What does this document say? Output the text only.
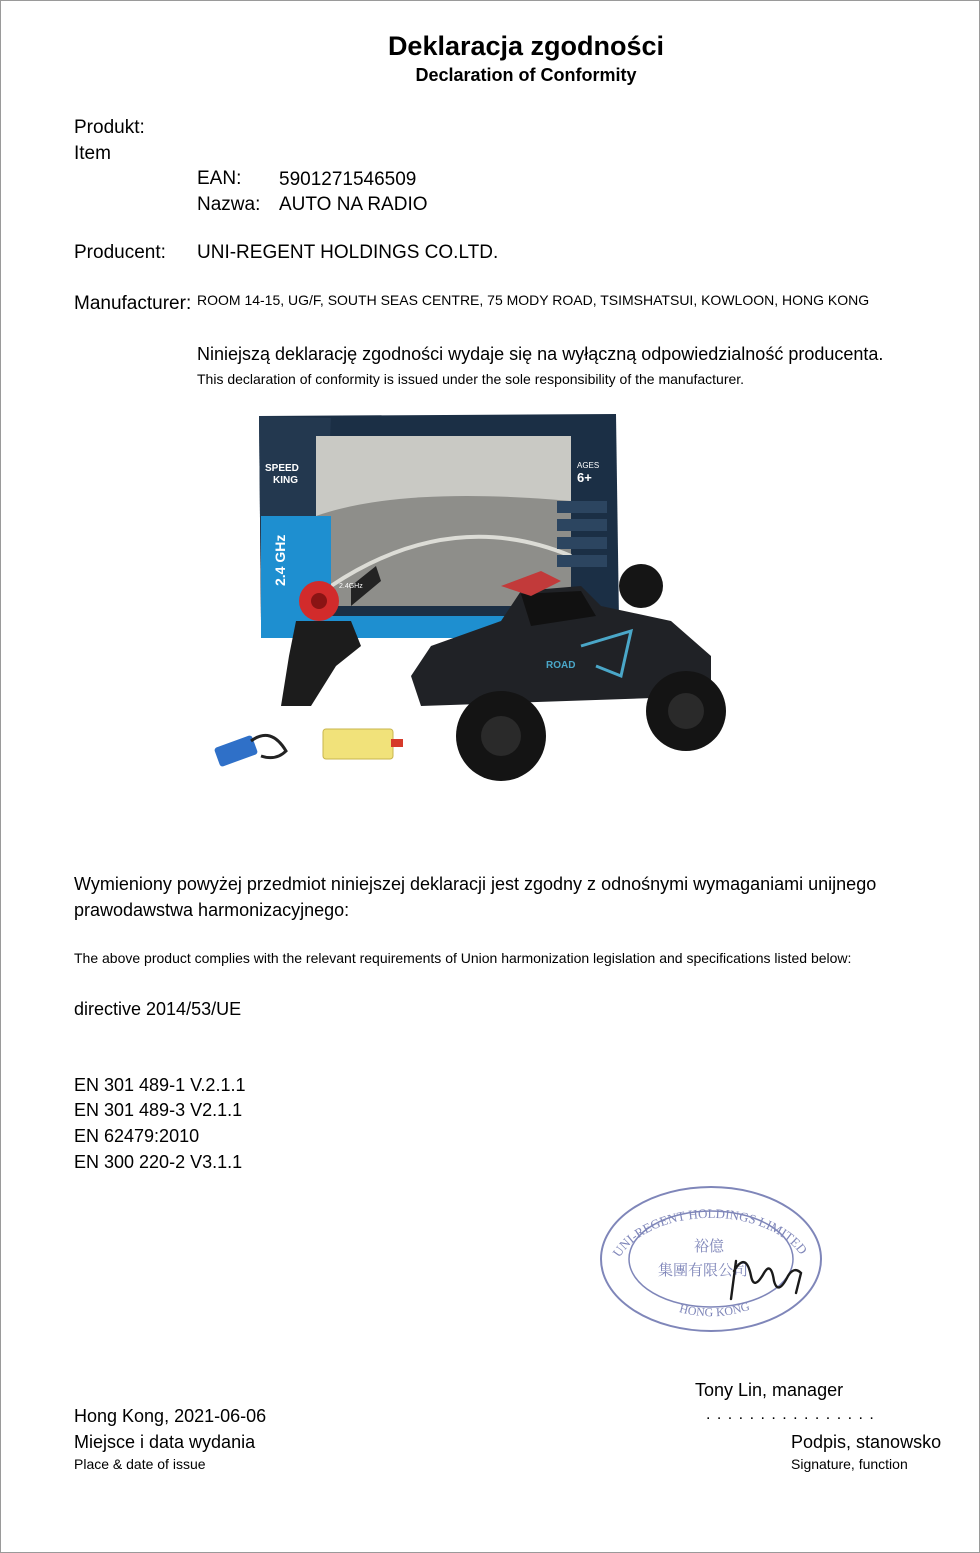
Deklaracja zgodności
Declaration of Conformity
Produkt:
Item
EAN: 5901271546509
Nazwa: AUTO NA RADIO
Producent: UNI-REGENT HOLDINGS CO.LTD.
Manufacturer: ROOM 14-15, UG/F, SOUTH SEAS CENTRE, 75 MODY ROAD, TSIMSHATSUI, KOWLOON, HONG KONG
Niniejszą deklarację zgodności wydaje się na wyłączną odpowiedzialność producenta.
This declaration of conformity is issued under the sole responsibility of the manufacturer.
SPEED
KING
2.4 GHz
AGES
6+
2.4GHz
ROAD
Wymieniony powyżej przedmiot niniejszej deklaracji jest zgodny z odnośnymi wymaganiami unijnego
prawodawstwa harmonizacyjnego:
The above product complies with the relevant requirements of Union harmonization legislation and specifications listed below:
directive 2014/53/UE
EN 301 489-1 V.2.1.1
EN 301 489-3 V2.1.1
EN 62479:2010
EN 300 220-2 V3.1.1
UNI-REGENT HOLDINGS LIMITED
HONG KONG
裕億
集團有限公司
Tony Lin, manager
. . . . . . . . . . . . . . . .
Hong Kong, 2021-06-06
Miejsce i data wydania
Place & date of issue
Podpis, stanowsko
Signature, function
